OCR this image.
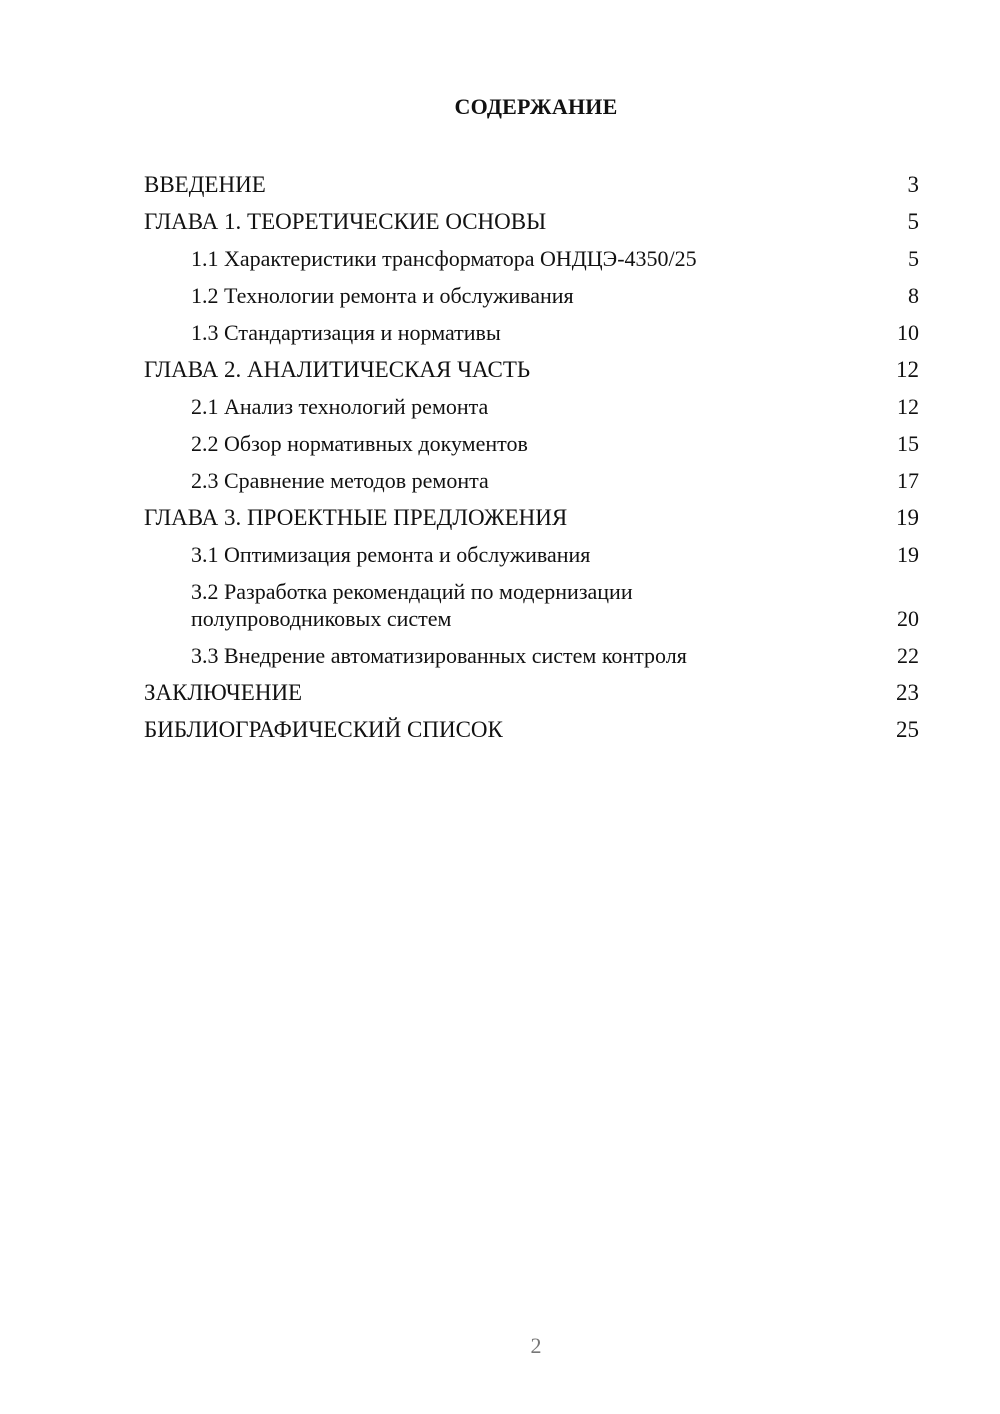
СОДЕРЖАНИЕ
ВВЕДЕНИЕ	3
ГЛАВА 1. ТЕОРЕТИЧЕСКИЕ ОСНОВЫ	5
1.1 Характеристики трансформатора ОНДЦЭ-4350/25	5
1.2 Технологии ремонта и обслуживания	8
1.3 Стандартизация и нормативы	10
ГЛАВА 2. АНАЛИТИЧЕСКАЯ ЧАСТЬ	12
2.1 Анализ технологий ремонта	12
2.2 Обзор нормативных документов	15
2.3 Сравнение методов ремонта	17
ГЛАВА 3. ПРОЕКТНЫЕ ПРЕДЛОЖЕНИЯ	19
3.1 Оптимизация ремонта и обслуживания	19
3.2 Разработка рекомендаций по модернизации полупроводниковых систем	20
3.3 Внедрение автоматизированных систем контроля	22
ЗАКЛЮЧЕНИЕ	23
БИБЛИОГРАФИЧЕСКИЙ СПИСОК	25
2
